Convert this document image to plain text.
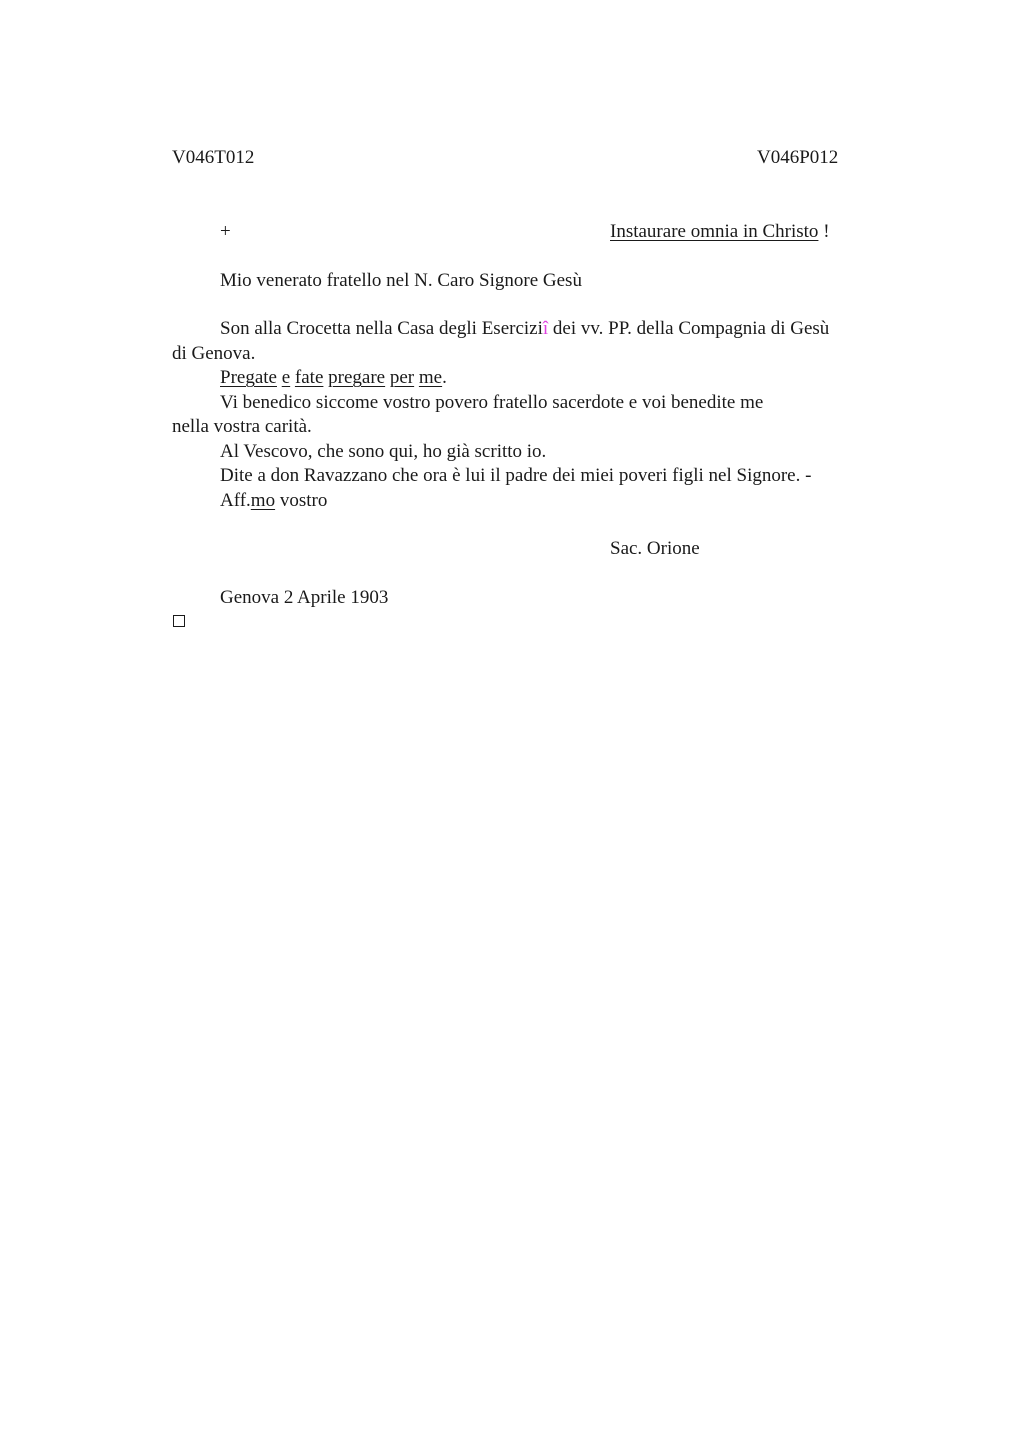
V046T012	V046P012
+	Instaurare omnia in Christo !
Mio venerato fratello nel N. Caro Signore Gesù
Son alla Crocetta nella Casa degli Eserciziî dei vv. PP. della Compagnia di Gesù
di Genova.
Pregate e fate pregare per me.
Vi benedico siccome vostro povero fratello sacerdote e voi benedite me
nella vostra carità.
Al Vescovo, che sono qui, ho già scritto io.
Dite a don Ravazzano che ora è lui il padre dei miei poveri figli nel Signore. -
Aff.mo vostro
Sac. Orione
Genova 2 Aprile 1903
